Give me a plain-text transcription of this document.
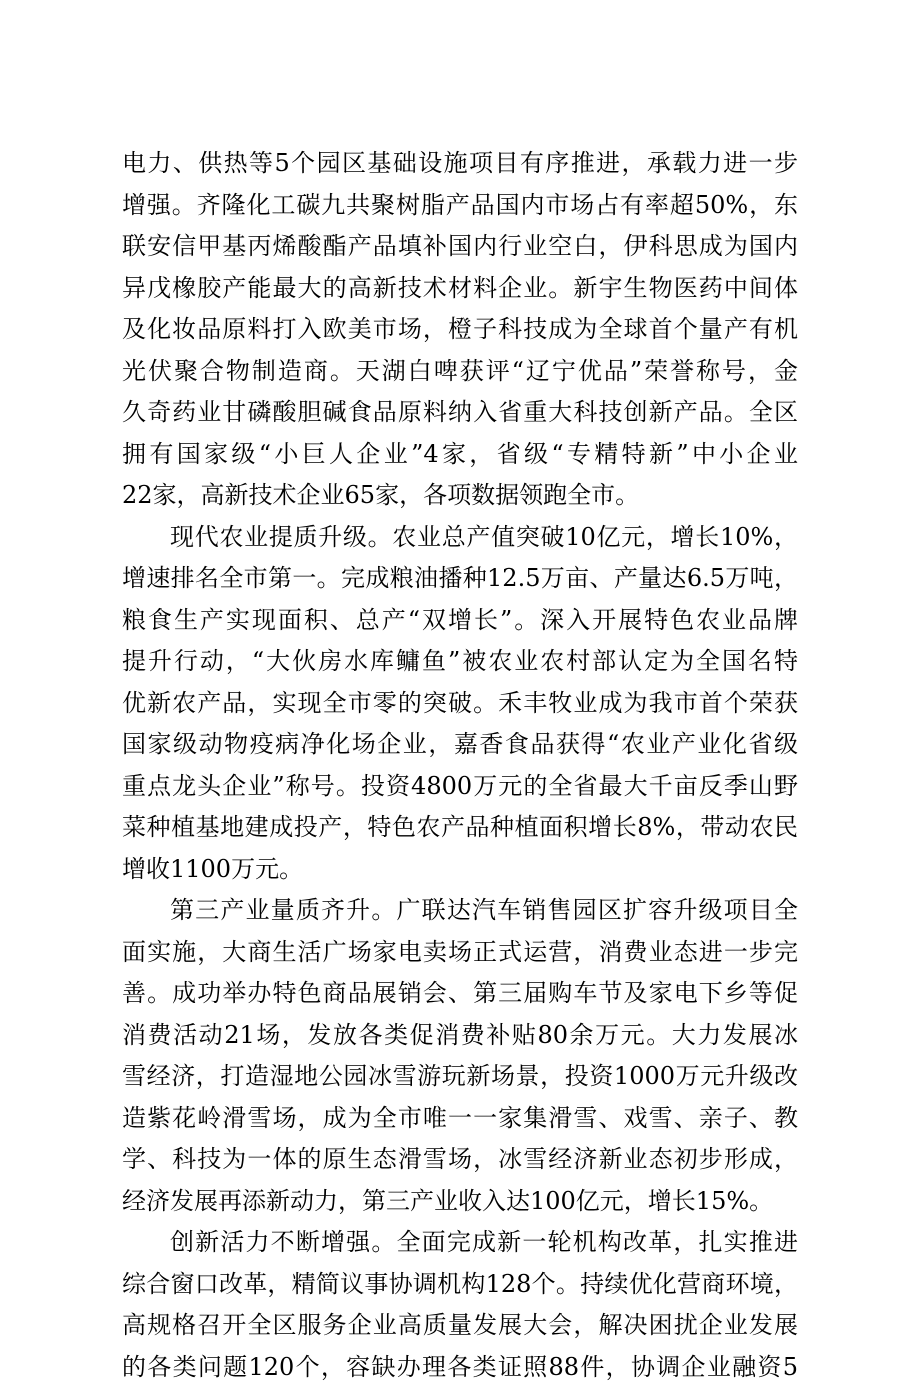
电力、供热等5个园区基础设施项目有序推进，承载力进一步
增强。齐隆化工碳九共聚树脂产品国内市场占有率超50%，东
联安信甲基丙烯酸酯产品填补国内行业空白，伊科思成为国内
异戊橡胶产能最大的高新技术材料企业。新宇生物医药中间体
及化妆品原料打入欧美市场，橙子科技成为全球首个量产有机
光伏聚合物制造商。天湖白啤获评“辽宁优品”荣誉称号，金
久奇药业甘磷酸胆碱食品原料纳入省重大科技创新产品。全区
拥有国家级“小巨人企业”4家，省级“专精特新”中小企业
22家，高新技术企业65家，各项数据领跑全市。
现代农业提质升级。农业总产值突破10亿元，增长10%，
增速排名全市第一。完成粮油播种12.5万亩、产量达6.5万吨，
粮食生产实现面积、总产“双增长”。深入开展特色农业品牌
提升行动，“大伙房水库鳙鱼”被农业农村部认定为全国名特
优新农产品，实现全市零的突破。禾丰牧业成为我市首个荣获
国家级动物疫病净化场企业，嘉香食品获得“农业产业化省级
重点龙头企业”称号。投资4800万元的全省最大千亩反季山野
菜种植基地建成投产，特色农产品种植面积增长8%，带动农民
增收1100万元。
第三产业量质齐升。广联达汽车销售园区扩容升级项目全
面实施，大商生活广场家电卖场正式运营，消费业态进一步完
善。成功举办特色商品展销会、第三届购车节及家电下乡等促
消费活动21场，发放各类促消费补贴80余万元。大力发展冰
雪经济，打造湿地公园冰雪游玩新场景，投资1000万元升级改
造紫花岭滑雪场，成为全市唯一一家集滑雪、戏雪、亲子、教
学、科技为一体的原生态滑雪场，冰雪经济新业态初步形成，
经济发展再添新动力，第三产业收入达100亿元，增长15%。
创新活力不断增强。全面完成新一轮机构改革，扎实推进
综合窗口改革，精简议事协调机构128个。持续优化营商环境，
高规格召开全区服务企业高质量发展大会，解决困扰企业发展
的各类问题120个，容缺办理各类证照88件，协调企业融资5
